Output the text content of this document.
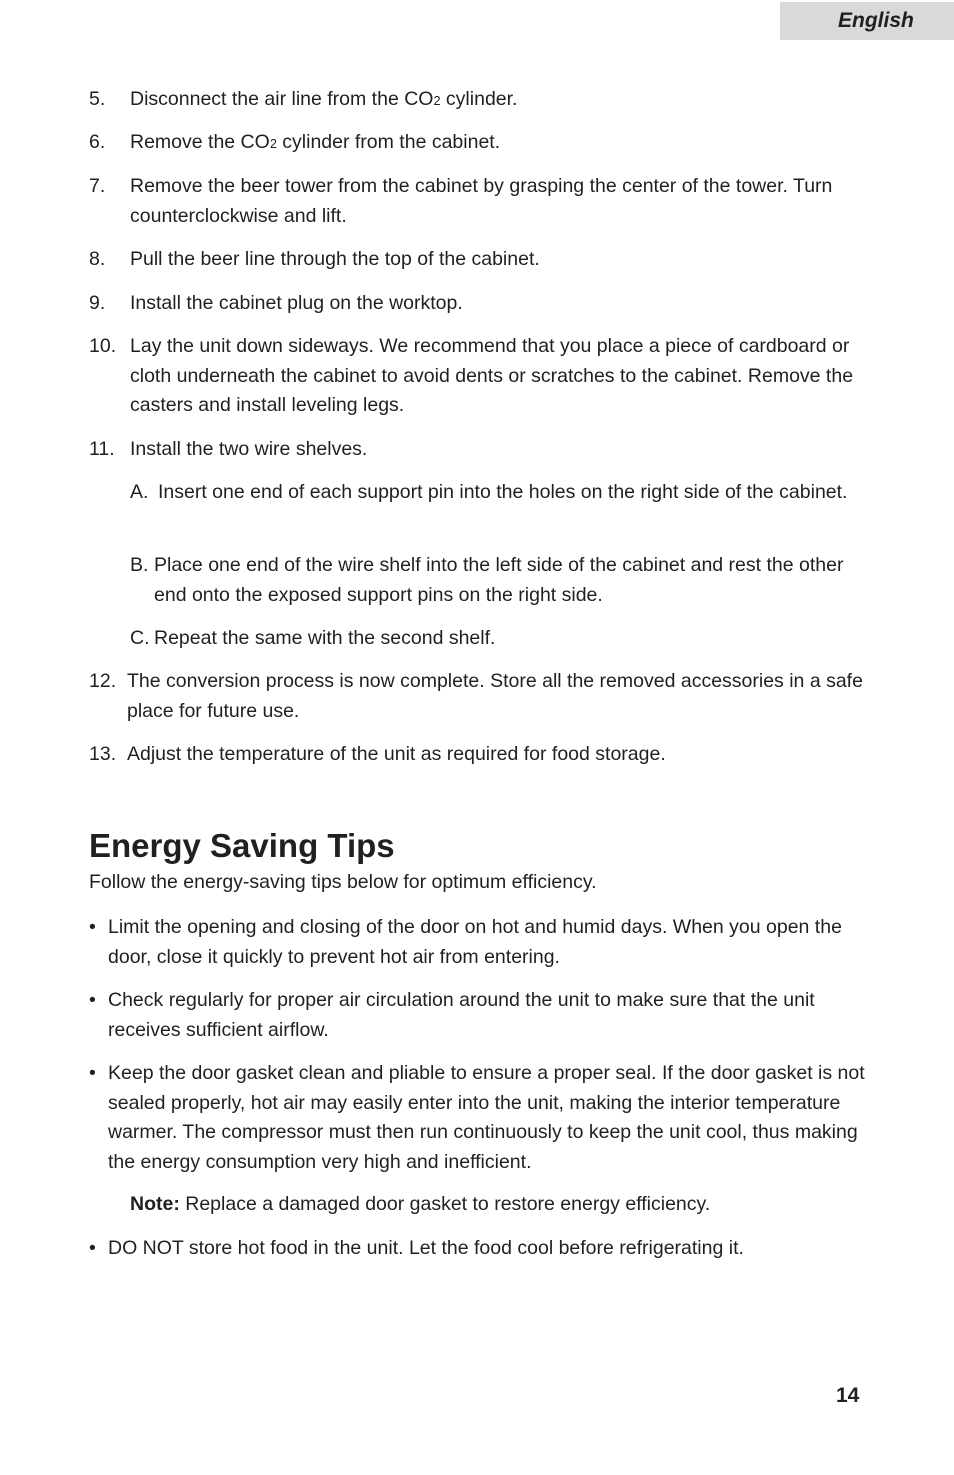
English
5. Disconnect the air line from the CO2 cylinder.
6. Remove the CO2 cylinder from the cabinet.
7. Remove the beer tower from the cabinet by grasping the center of the tower. Turn counterclockwise and lift.
8. Pull the beer line through the top of the cabinet.
9. Install the cabinet plug on the worktop.
10. Lay the unit down sideways. We recommend that you place a piece of cardboard or cloth underneath the cabinet to avoid dents or scratches to the cabinet. Remove the casters and install leveling legs.
11. Install the two wire shelves.
A. Insert one end of each support pin into the holes on the right side of the cabinet.
B. Place one end of the wire shelf into the left side of the cabinet and rest the other end onto the exposed support pins on the right side.
C. Repeat the same with the second shelf.
12. The conversion process is now complete. Store all the removed accessories in a safe place for future use.
13. Adjust the temperature of the unit as required for food storage.
Energy Saving Tips
Follow the energy-saving tips below for optimum efficiency.
• Limit the opening and closing of the door on hot and humid days. When you open the door, close it quickly to prevent hot air from entering.
• Check regularly for proper air circulation around the unit to make sure that the unit receives sufficient airflow.
• Keep the door gasket clean and pliable to ensure a proper seal. If the door gasket is not sealed properly, hot air may easily enter into the unit, making the interior temperature warmer. The compressor must then run continuously to keep the unit cool, thus making the energy consumption very high and inefficient.
Note: Replace a damaged door gasket to restore energy efficiency.
• DO NOT store hot food in the unit. Let the food cool before refrigerating it.
14
